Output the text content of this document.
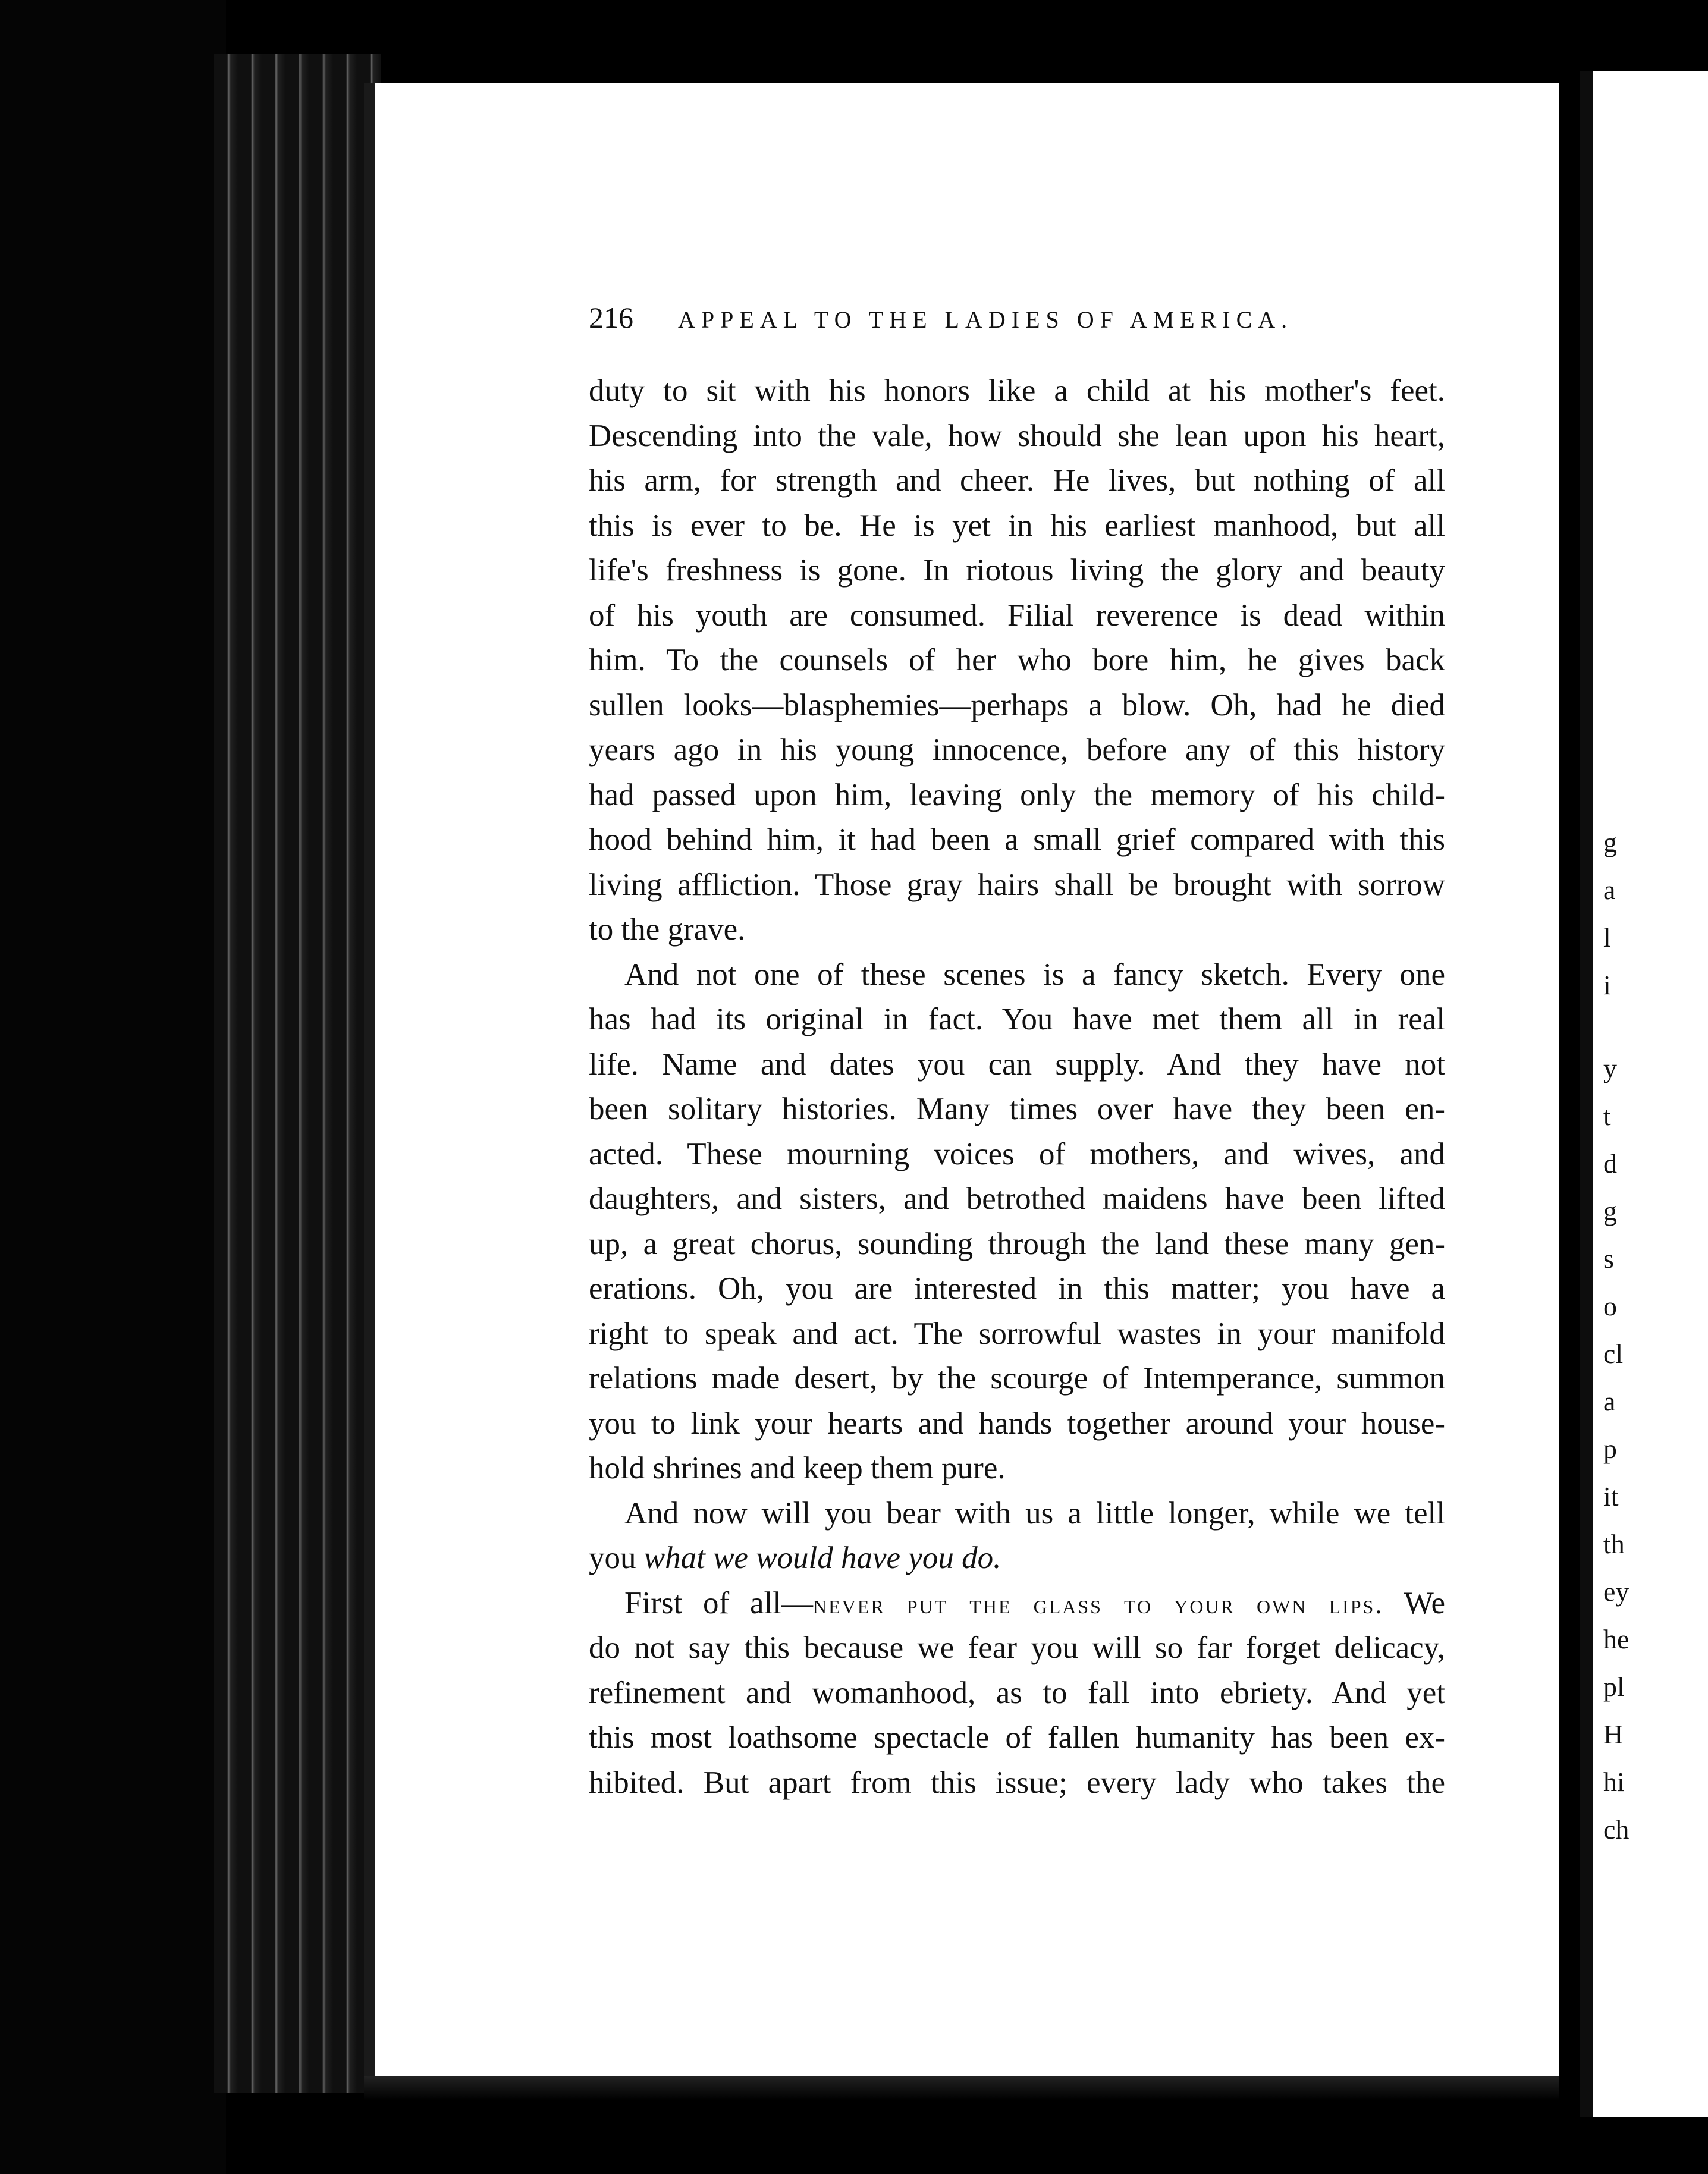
y
t
d
g
s
o
cl
a
p
it
th
ey
he
pl
H
hi
ch
g
a
l
i
216	APPEAL TO THE LADIES OF AMERICA.
duty to sit with his honors like a child at his mother's feet.
Descending into the vale, how should she lean upon his heart,
his arm, for strength and cheer. He lives, but nothing of all
this is ever to be. He is yet in his earliest manhood, but all
life's freshness is gone. In riotous living the glory and beauty
of his youth are consumed. Filial reverence is dead within
him. To the counsels of her who bore him, he gives back
sullen looks—blasphemies—perhaps a blow. Oh, had he died
years ago in his young innocence, before any of this history
had passed upon him, leaving only the memory of his child-
hood behind him, it had been a small grief compared with this
living affliction. Those gray hairs shall be brought with sorrow
to the grave.
And not one of these scenes is a fancy sketch. Every one
has had its original in fact. You have met them all in real
life. Name and dates you can supply. And they have not
been solitary histories. Many times over have they been en-
acted. These mourning voices of mothers, and wives, and
daughters, and sisters, and betrothed maidens have been lifted
up, a great chorus, sounding through the land these many gen-
erations. Oh, you are interested in this matter; you have a
right to speak and act. The sorrowful wastes in your manifold
relations made desert, by the scourge of Intemperance, summon
you to link your hearts and hands together around your house-
hold shrines and keep them pure.
And now will you bear with us a little longer, while we tell
you what we would have you do.
First of all—never put the glass to your own lips. We
do not say this because we fear you will so far forget delicacy,
refinement and womanhood, as to fall into ebriety. And yet
this most loathsome spectacle of fallen humanity has been ex-
hibited. But apart from this issue; every lady who takes the
